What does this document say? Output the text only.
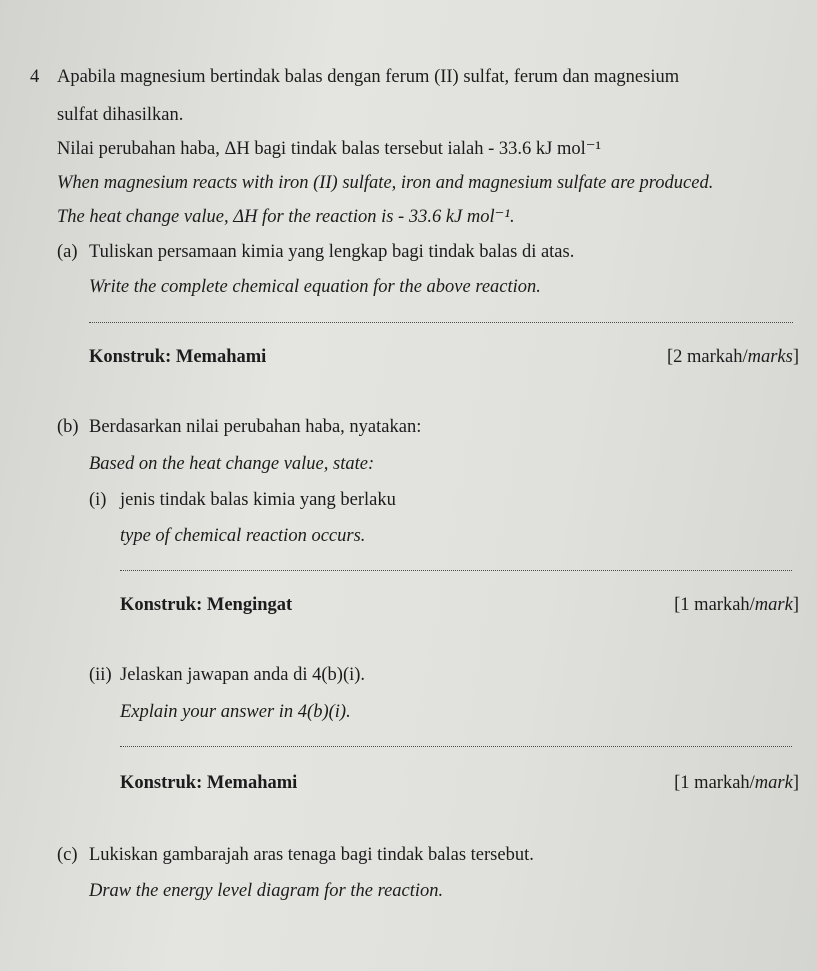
4 Apabila magnesium bertindak balas dengan ferum (II) sulfat, ferum dan magnesium
sulfat dihasilkan.
Nilai perubahan haba, ΔH bagi tindak balas tersebut ialah - 33.6 kJ mol⁻¹
When magnesium reacts with iron (II) sulfate, iron and magnesium sulfate are produced.
The heat change value, ΔH for the reaction is - 33.6 kJ mol⁻¹.
(a) Tuliskan persamaan kimia yang lengkap bagi tindak balas di atas.
Write the complete chemical equation for the above reaction.
Konstruk: Memahami	[2 markah/marks]
(b) Berdasarkan nilai perubahan haba, nyatakan:
Based on the heat change value, state:
(i) jenis tindak balas kimia yang berlaku
type of chemical reaction occurs.
Konstruk: Mengingat	[1 markah/mark]
(ii) Jelaskan jawapan anda di 4(b)(i).
Explain your answer in 4(b)(i).
Konstruk: Memahami	[1 markah/mark]
(c) Lukiskan gambarajah aras tenaga bagi tindak balas tersebut.
Draw the energy level diagram for the reaction.
